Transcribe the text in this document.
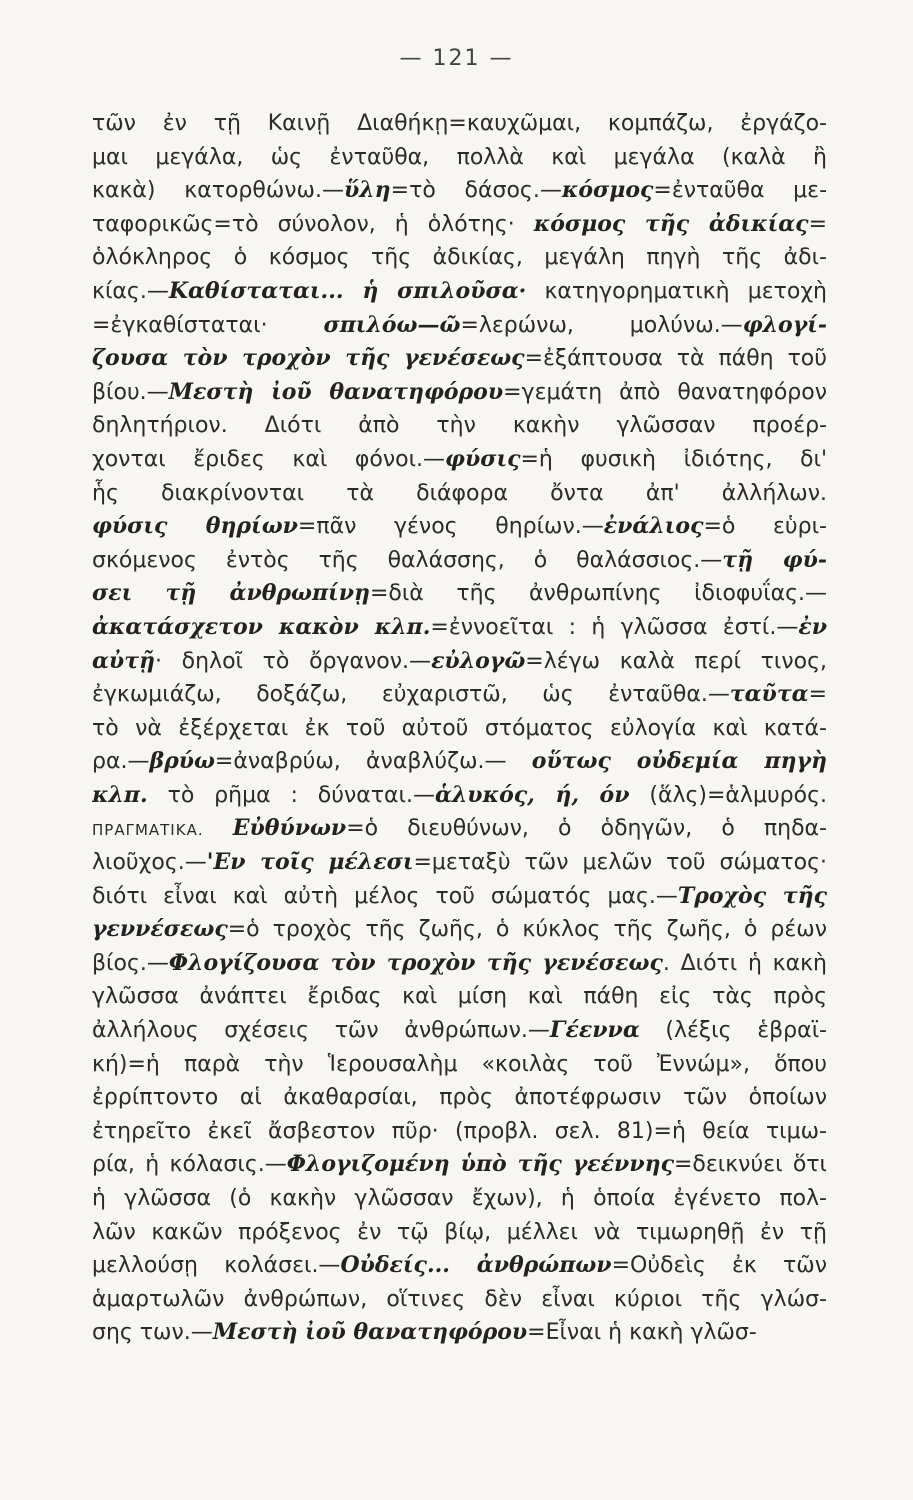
— 121 —
τῶν ἐν τῇ Καινῇ Διαθήκῃ=καυχῶμαι, κομπάζω, ἐργάζο-
μαι μεγάλα, ὡς ἐνταῦθα, πολλὰ καὶ μεγάλα (καλὰ ἢ
κακὰ) κατορθώνω.—ὕλη=τὸ δάσος.—κόσμος=ἐνταῦθα με-
ταφορικῶς=τὸ σύνολον, ἡ ὁλότης· κόσμος τῆς ἀδικίας=
ὁλόκληρος ὁ κόσμος τῆς ἀδικίας, μεγάλη πηγὴ τῆς ἀδι-
κίας.—Καθίσταται... ἡ σπιλοῦσα· κατηγορηματικὴ μετοχὴ
=ἐγκαθίσταται· σπιλόω—ῶ=λερώνω, μολύνω.—φλογί-
ζουσα τὸν τροχὸν τῆς γενέσεως=ἐξάπτουσα τὰ πάθη τοῦ
βίου.—Μεστὴ ἰοῦ θανατηφόρου=γεμάτη ἀπὸ θανατηφόρον
δηλητήριον. Διότι ἀπὸ τὴν κακὴν γλῶσσαν προέρ-
χονται ἔριδες καὶ φόνοι.—φύσις=ἡ φυσικὴ ἰδιότης, δι'
ἧς διακρίνονται τὰ διάφορα ὄντα ἀπ' ἀλλήλων.
φύσις θηρίων=πᾶν γένος θηρίων.—ἐνάλιος=ὁ εὑρι-
σκόμενος ἐντὸς τῆς θαλάσσης, ὁ θαλάσσιος.—τῇ φύ-
σει τῇ ἀνθρωπίνῃ=διὰ τῆς ἀνθρωπίνης ἰδιοφυΐας.—
ἀκατάσχετον κακὸν κλπ.=ἐννοεῖται : ἡ γλῶσσα ἐστί.—ἐν
αὐτῇ· δηλοῖ τὸ ὄργανον.—εὐλογῶ=λέγω καλὰ περί τινος,
ἐγκωμιάζω, δοξάζω, εὐχαριστῶ, ὡς ἐνταῦθα.—ταῦτα=
τὸ νὰ ἐξέρχεται ἐκ τοῦ αὐτοῦ στόματος εὐλογία καὶ κατά-
ρα.—βρύω=ἀναβρύω, ἀναβλύζω.— οὕτως οὐδεμία πηγὴ
κλπ. τὸ ρῆμα : δύναται.—ἁλυκός, ή, όν (ἅλς)=ἁλμυρός.
ΠΡΑΓΜΑΤΙΚΑ. Εὐθύνων=ὁ διευθύνων, ὁ ὁδηγῶν, ὁ πηδα-
λιοῦχος.—'Εν τοῖς μέλεσι=μεταξὺ τῶν μελῶν τοῦ σώματος·
διότι εἶναι καὶ αὐτὴ μέλος τοῦ σώματός μας.—Τροχὸς τῆς
γεννέσεως=ὁ τροχὸς τῆς ζωῆς, ὁ κύκλος τῆς ζωῆς, ὁ ρέων
βίος.—Φλογίζουσα τὸν τροχὸν τῆς γενέσεως. Διότι ἡ κακὴ
γλῶσσα ἀνάπτει ἔριδας καὶ μίση καὶ πάθη εἰς τὰς πρὸς
ἀλλήλους σχέσεις τῶν ἀνθρώπων.—Γέεννα (λέξις ἑβραϊ-
κή)=ἡ παρὰ τὴν Ἱερουσαλὴμ «κοιλὰς τοῦ Ἐννώμ», ὅπου
ἐρρίπτοντο αἱ ἀκαθαρσίαι, πρὸς ἀποτέφρωσιν τῶν ὁποίων
ἐτηρεῖτο ἐκεῖ ἄσβεστον πῦρ· (προβλ. σελ. 81)=ἡ θεία τιμω-
ρία, ἡ κόλασις.—Φλογιζομένη ὑπὸ τῆς γεέννης=δεικνύει ὅτι
ἡ γλῶσσα (ὁ κακὴν γλῶσσαν ἔχων), ἡ ὁποία ἐγένετο πολ-
λῶν κακῶν πρόξενος ἐν τῷ βίῳ, μέλλει νὰ τιμωρηθῇ ἐν τῇ
μελλούσῃ κολάσει.—Οὐδείς... ἀνθρώπων=Οὐδεὶς ἐκ τῶν
ἁμαρτωλῶν ἀνθρώπων, οἵτινες δὲν εἶναι κύριοι τῆς γλώσ-
σης των.—Μεστὴ ἰοῦ θανατηφόρου=Εἶναι ἡ κακὴ γλῶσ-
